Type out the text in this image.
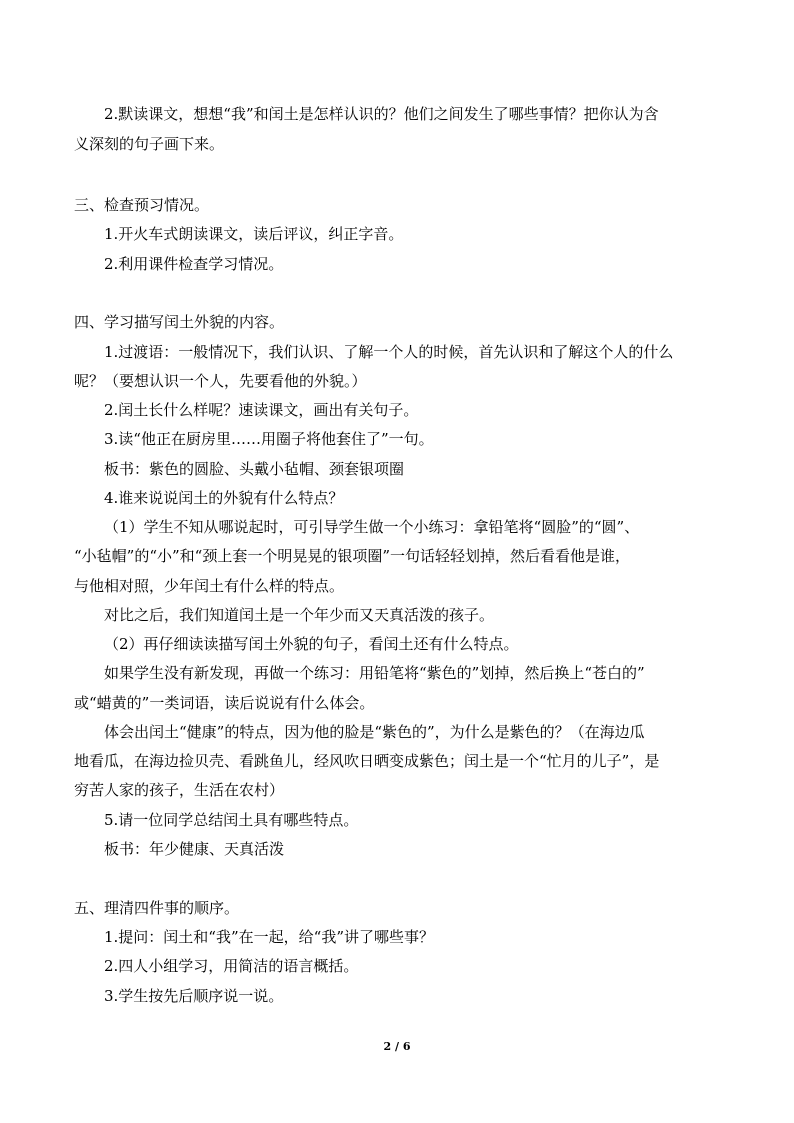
2.默读课文，想想“我”和闰土是怎样认识的？他们之间发生了哪些事情？把你认为含
义深刻的句子画下来。
三、检查预习情况。
1.开火车式朗读课文，读后评议，纠正字音。
2.利用课件检查学习情况。
四、学习描写闰土外貌的内容。
1.过渡语：一般情况下，我们认识、了解一个人的时候，首先认识和了解这个人的什么
呢？（要想认识一个人，先要看他的外貌。）
2.闰土长什么样呢？速读课文，画出有关句子。
3.读“他正在厨房里……用圈子将他套住了”一句。
板书：紫色的圆脸、头戴小毡帽、颈套银项圈
4.谁来说说闰土的外貌有什么特点？
（1）学生不知从哪说起时，可引导学生做一个小练习：拿铅笔将“圆脸”的“圆”、
“小毡帽”的“小”和“颈上套一个明晃晃的银项圈”一句话轻轻划掉，然后看看他是谁，
与他相对照，少年闰土有什么样的特点。
对比之后，我们知道闰土是一个年少而又天真活泼的孩子。
（2）再仔细读读描写闰土外貌的句子，看闰土还有什么特点。
如果学生没有新发现，再做一个练习：用铅笔将“紫色的”划掉，然后换上“苍白的”
或“蜡黄的”一类词语，读后说说有什么体会。
体会出闰土“健康”的特点，因为他的脸是“紫色的”，为什么是紫色的？（在海边瓜
地看瓜，在海边捡贝壳、看跳鱼儿，经风吹日晒变成紫色；闰土是一个“忙月的儿子”，是
穷苦人家的孩子，生活在农村）
5.请一位同学总结闰土具有哪些特点。
板书：年少健康、天真活泼
五、理清四件事的顺序。
1.提问：闰土和“我”在一起，给“我”讲了哪些事？
2.四人小组学习，用简洁的语言概括。
3.学生按先后顺序说一说。
2 / 6
